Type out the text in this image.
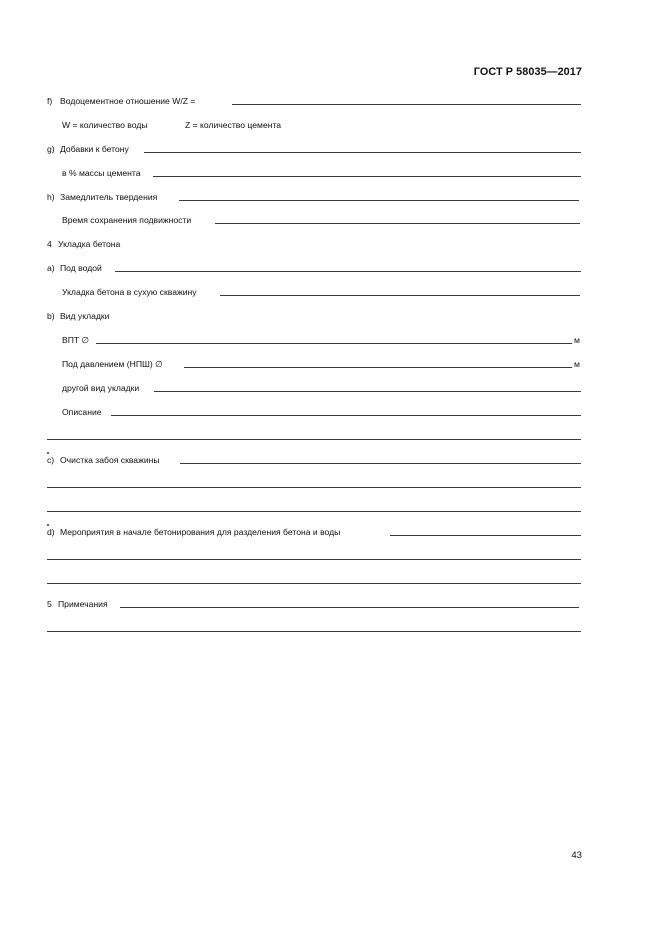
ГОСТ Р 58035—2017
f) Водоцементное отношение W/Z =
W = количество воды	Z = количество цемента
g) Добавки к бетону
в % массы цемента
h) Замедлитель твердения
Время сохранения подвижности
4 Укладка бетона
a) Под водой
Укладка бетона в сухую скважину
b) Вид укладки
ВПТ ∅	м
Под давлением (НПШ) ∅	м
другой вид укладки
Описание
c) Очистка забоя скважины
d) Мероприятия в начале бетонирования для разделения бетона и воды
5 Примечания
43
